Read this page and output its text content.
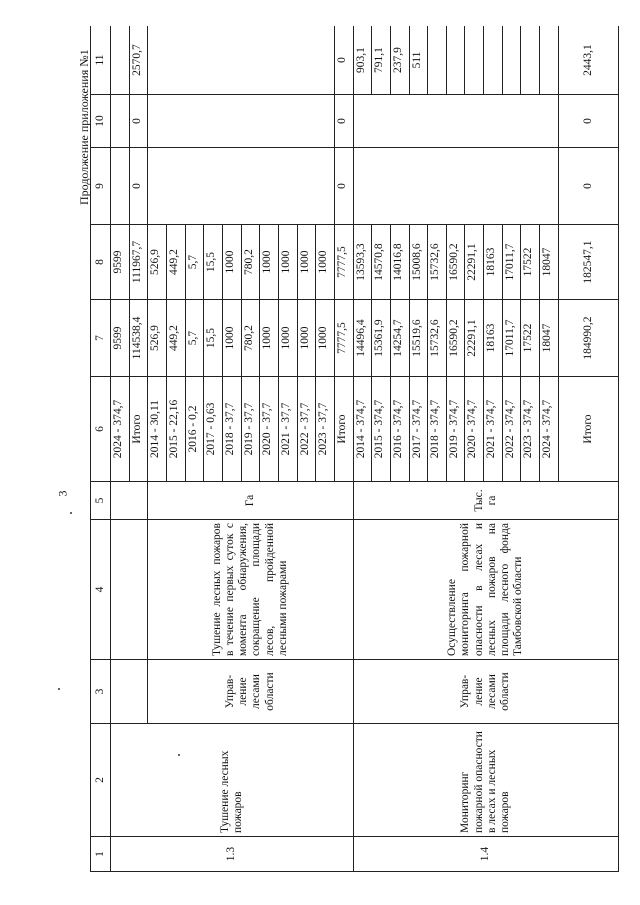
3
Продолжение приложения №1
1	2	3	4	5	6	7	8	9	10	11
1.3	Тушение лесных пожаров				2024 - 374,7	9599	9599			
					Итого	114538,4	111967,7	0	0	2570,7
		Управ-ление лесами области	Тушение лесных пожаров в течение первых суток с момента обнаружения, сокращение площади лесов, пройденной лесными пожарами	Га	2014 - 30,11	526,9	526,9			
					2015 - 22,16	449,2	449,2			
					2016 - 0,2	5,7	5,7			
					2017 - 0,63	15,5	15,5			
					2018 - 37,7	1000	1000			
					2019 - 37,7	780,2	780,2			
					2020 - 37,7	1000	1000			
					2021 - 37,7	1000	1000			
					2022 - 37,7	1000	1000			
					2023 - 37,7	1000	1000			
					Итого	7777,5	7777,5	0	0	0
1.4	Мониторинг пожарной опасности в лесах и лесных пожаров	Управ-ление лесами области	Осуществление мониторинга пожарной опасности в лесах и лесных пожаров на площади лесного фонда Тамбовской области	Тыс. га	2014 - 374,7	14496,4	13593,3			903,1
					2015 - 374,7	15361,9	14570,8			791,1
					2016 - 374,7	14254,7	14016,8			237,9
					2017 - 374,7	15519,6	15008,6			511
					2018 - 374,7	15732,6	15732,6			
					2019 - 374,7	16590,2	16590,2			
					2020 - 374,7	22291,1	22291,1			
					2021 - 374,7	18163	18163			
					2022 - 374,7	17011,7	17011,7			
					2023 - 374,7	17522	17522			
					2024 - 374,7	18047	18047			
					Итого	184990,2	182547,1	0	0	2443,1
